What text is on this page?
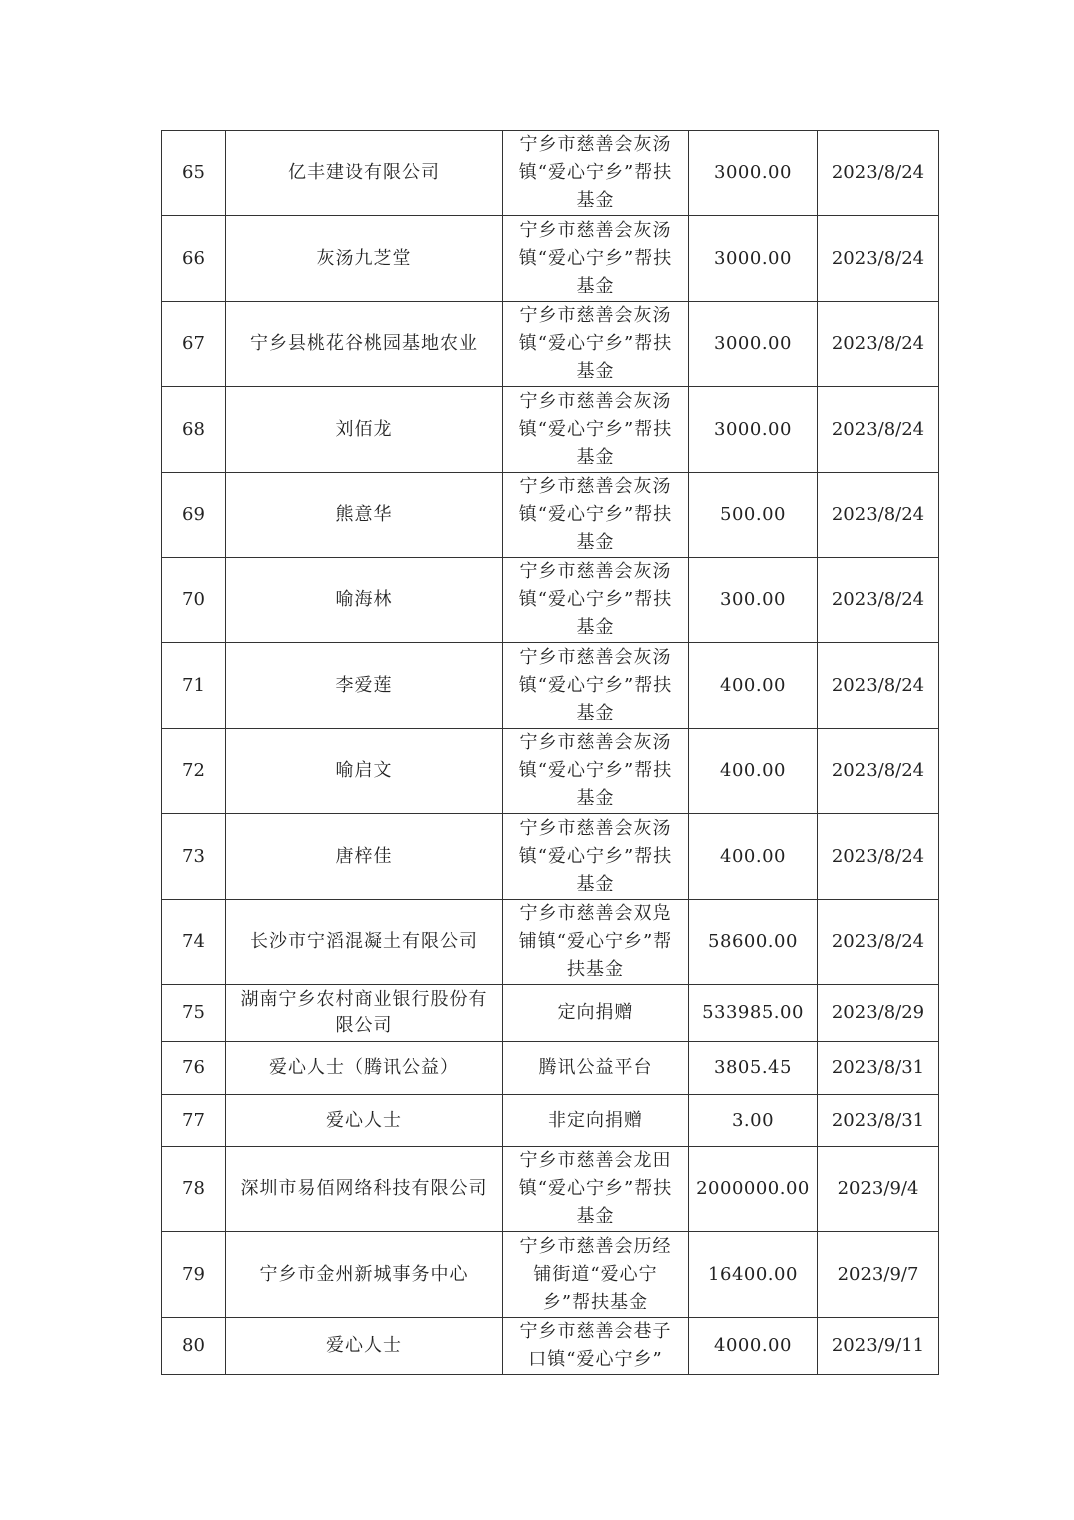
65	亿丰建设有限公司	宁乡市慈善会灰汤镇“爱心宁乡”帮扶基金	3000.00	2023/8/24
66	灰汤九芝堂	宁乡市慈善会灰汤镇“爱心宁乡”帮扶基金	3000.00	2023/8/24
67	宁乡县桃花谷桃园基地农业	宁乡市慈善会灰汤镇“爱心宁乡”帮扶基金	3000.00	2023/8/24
68	刘佰龙	宁乡市慈善会灰汤镇“爱心宁乡”帮扶基金	3000.00	2023/8/24
69	熊意华	宁乡市慈善会灰汤镇“爱心宁乡”帮扶基金	500.00	2023/8/24
70	喻海林	宁乡市慈善会灰汤镇“爱心宁乡”帮扶基金	300.00	2023/8/24
71	李爱莲	宁乡市慈善会灰汤镇“爱心宁乡”帮扶基金	400.00	2023/8/24
72	喻启文	宁乡市慈善会灰汤镇“爱心宁乡”帮扶基金	400.00	2023/8/24
73	唐梓佳	宁乡市慈善会灰汤镇“爱心宁乡”帮扶基金	400.00	2023/8/24
74	长沙市宁滔混凝土有限公司	宁乡市慈善会双凫铺镇“爱心宁乡”帮扶基金	58600.00	2023/8/24
75	湖南宁乡农村商业银行股份有限公司	定向捐赠	533985.00	2023/8/29
76	爱心人士（腾讯公益）	腾讯公益平台	3805.45	2023/8/31
77	爱心人士	非定向捐赠	3.00	2023/8/31
78	深圳市易佰网络科技有限公司	宁乡市慈善会龙田镇“爱心宁乡”帮扶基金	2000000.00	2023/9/4
79	宁乡市金州新城事务中心	宁乡市慈善会历经铺街道“爱心宁乡”帮扶基金	16400.00	2023/9/7
80	爱心人士	宁乡市慈善会巷子口镇“爱心宁乡”	4000.00	2023/9/11
